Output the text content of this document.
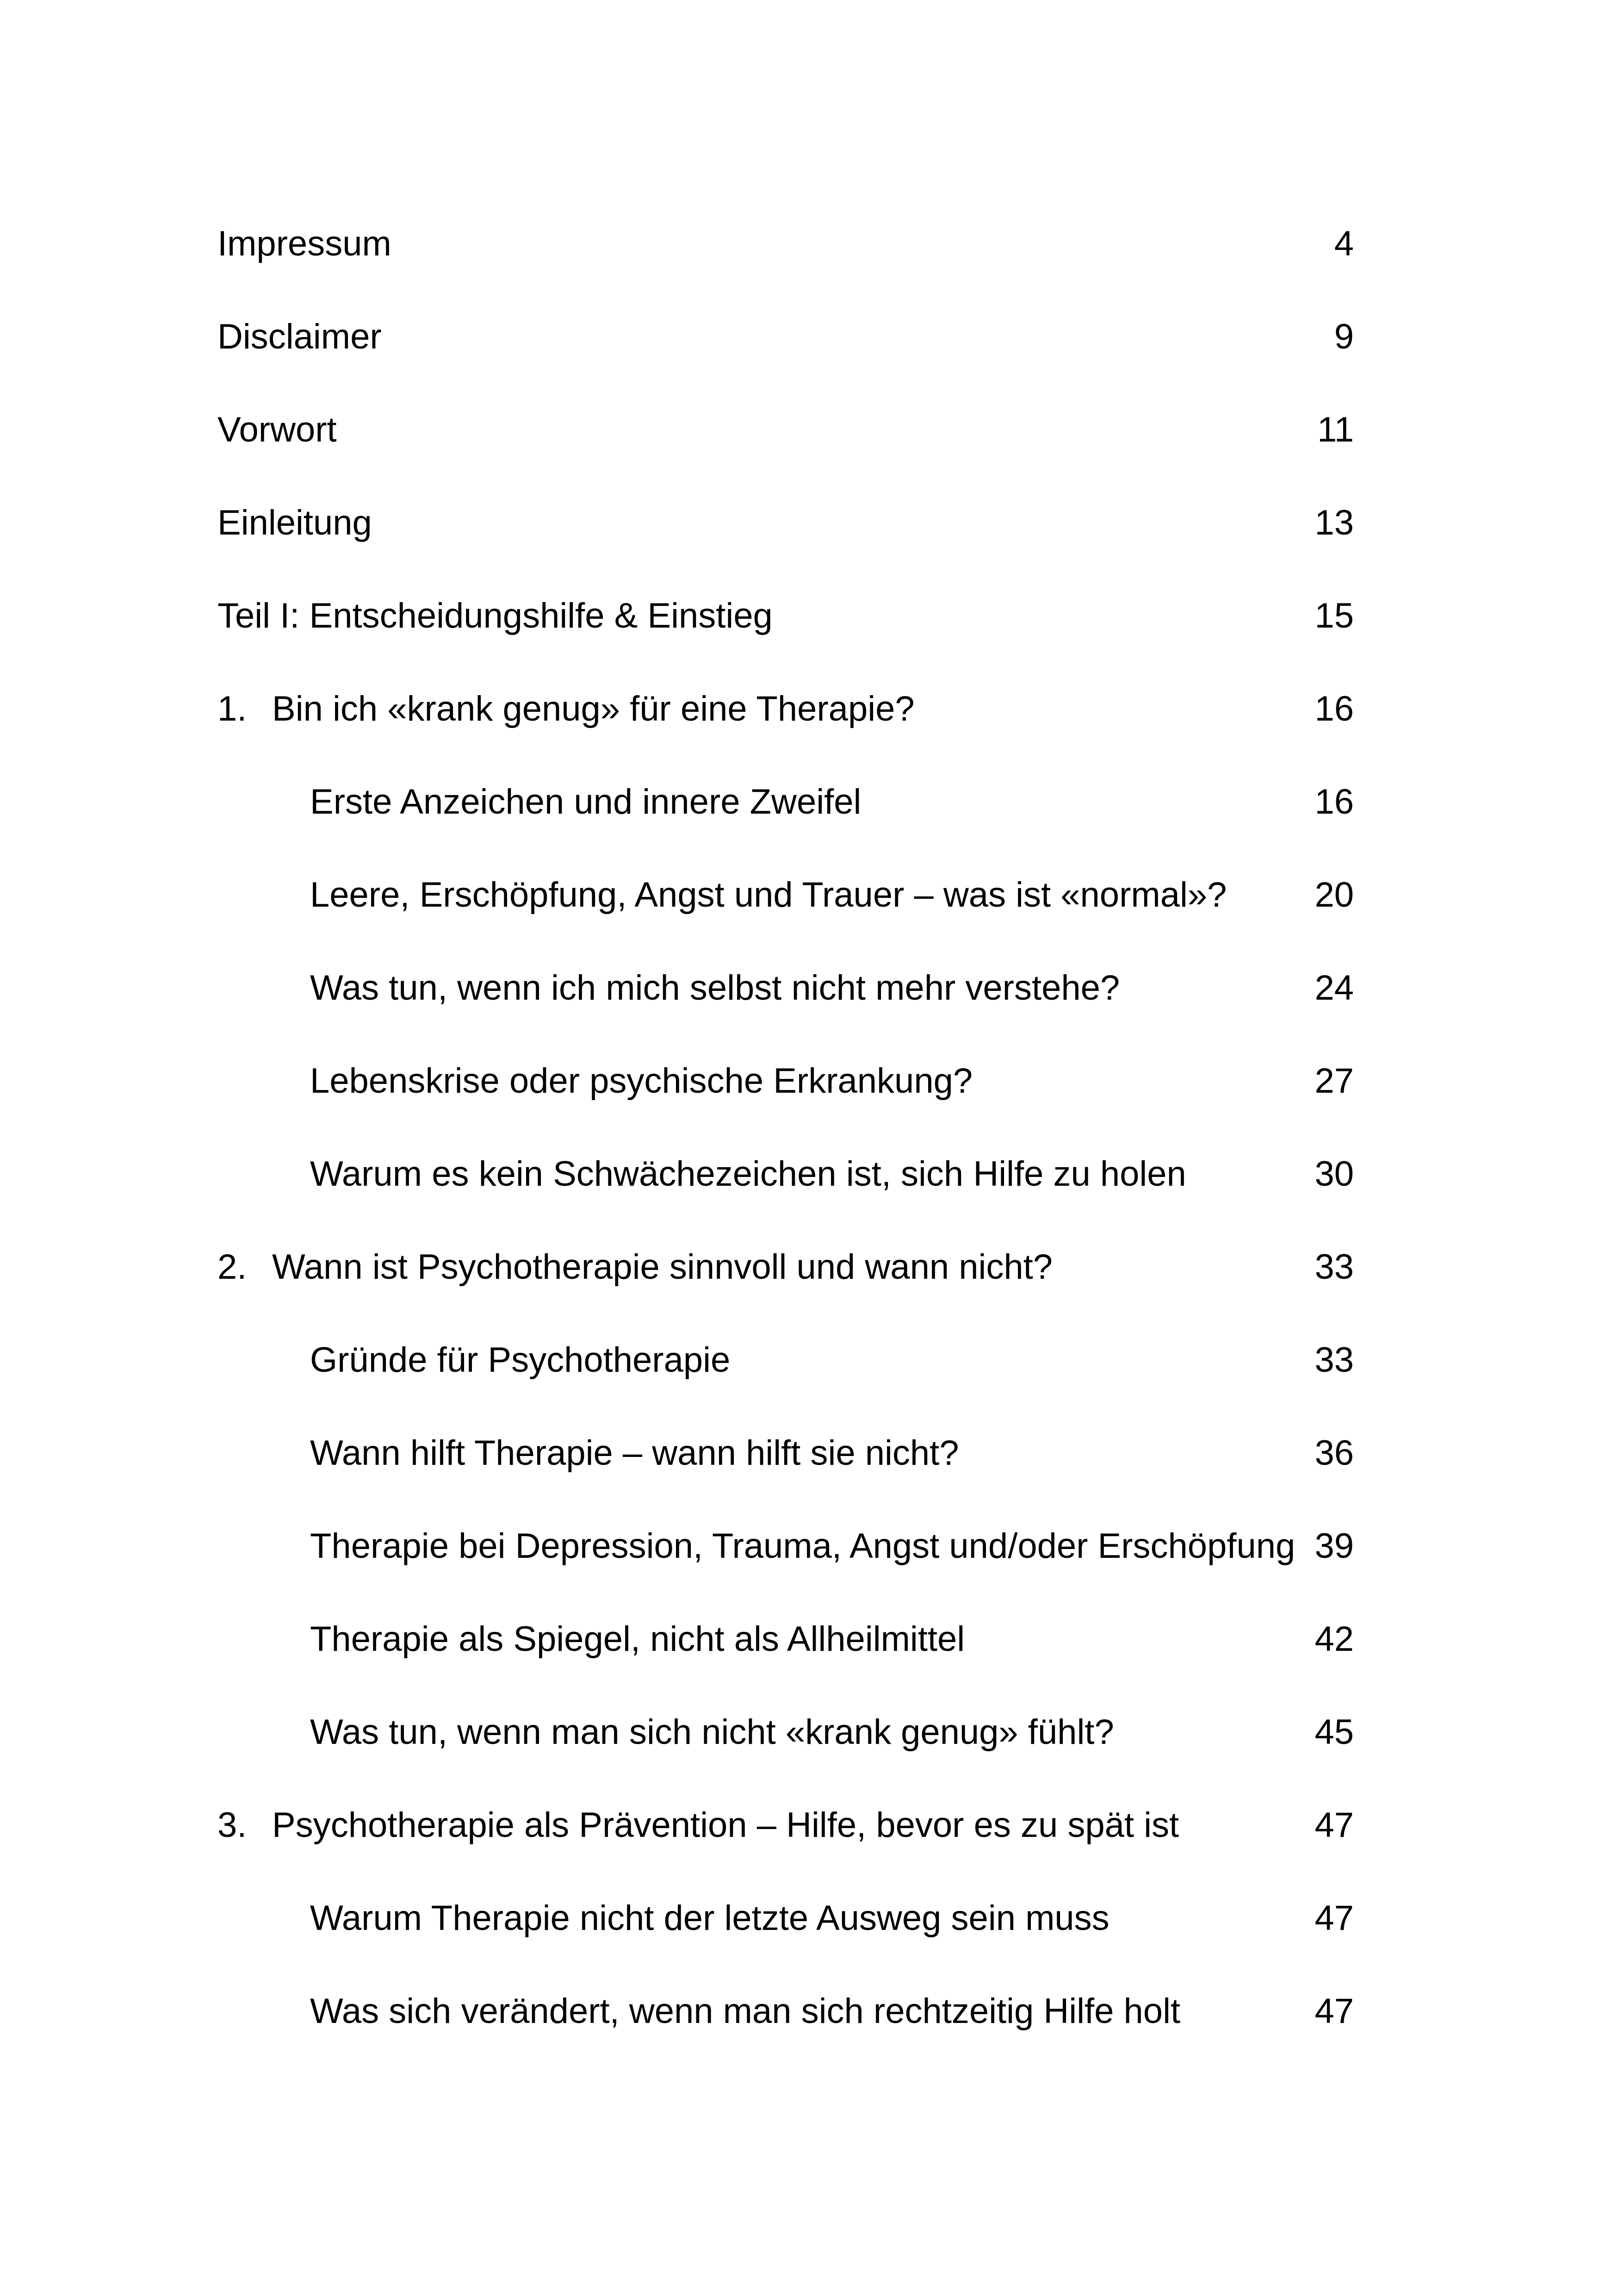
Impressum	4
Disclaimer	9
Vorwort	11
Einleitung	13
Teil I: Entscheidungshilfe & Einstieg	15
1. Bin ich «krank genug» für eine Therapie?	16
Erste Anzeichen und innere Zweifel	16
Leere, Erschöpfung, Angst und Trauer – was ist «normal»?	20
Was tun, wenn ich mich selbst nicht mehr verstehe?	24
Lebenskrise oder psychische Erkrankung?	27
Warum es kein Schwächezeichen ist, sich Hilfe zu holen	30
2. Wann ist Psychotherapie sinnvoll und wann nicht?	33
Gründe für Psychotherapie	33
Wann hilft Therapie – wann hilft sie nicht?	36
Therapie bei Depression, Trauma, Angst und/oder Erschöpfung 39
Therapie als Spiegel, nicht als Allheilmittel	42
Was tun, wenn man sich nicht «krank genug» fühlt?	45
3. Psychotherapie als Prävention – Hilfe, bevor es zu spät ist	47
Warum Therapie nicht der letzte Ausweg sein muss	47
Was sich verändert, wenn man sich rechtzeitig Hilfe holt	47
